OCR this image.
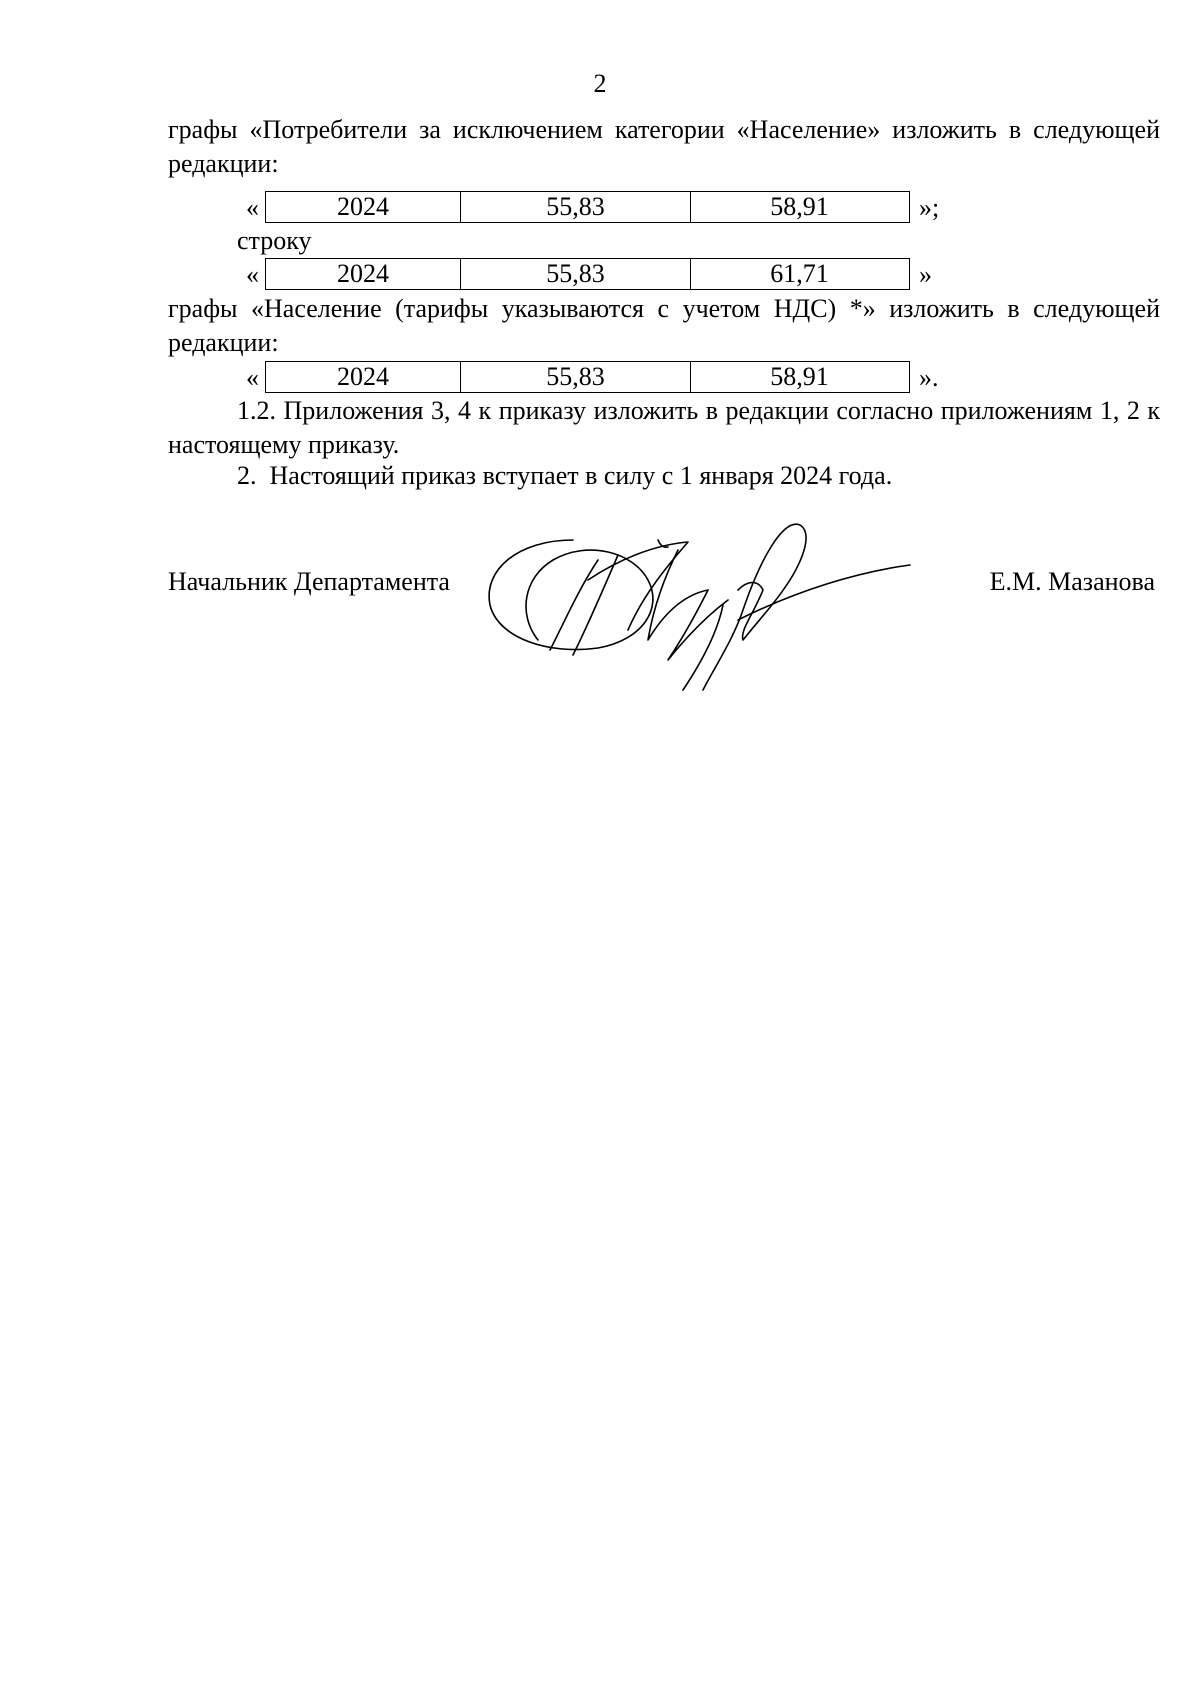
2
графы «Потребители за исключением категории «Население» изложить в следующей редакции:
«	2024	55,83	58,91	»;
строку
«	2024	55,83	61,71	»
графы «Население (тарифы указываются с учетом НДС) *» изложить в следующей редакции:
«	2024	55,83	58,91	».
1.2. Приложения 3, 4 к приказу изложить в редакции согласно приложениям 1, 2 к настоящему приказу.
2.  Настоящий приказ вступает в силу с 1 января 2024 года.
Начальник Департамента	Е.М. Мазанова
